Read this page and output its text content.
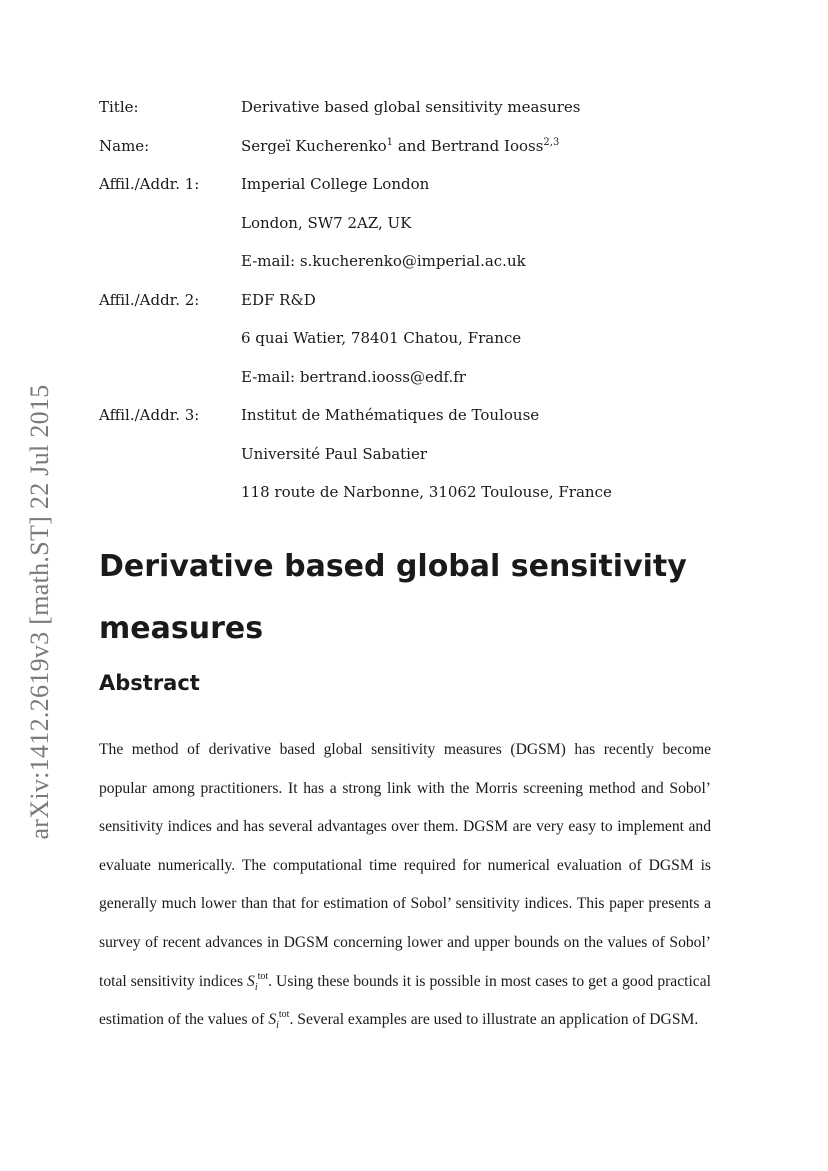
arXiv:1412.2619v3 [math.ST] 22 Jul 2015
Title:	Derivative based global sensitivity measures
Name:	Sergeï Kucherenko$^1$ and Bertrand Iooss$^{2,3}$
Affil./Addr. 1:	Imperial College London
London, SW7 2AZ, UK
E-mail: s.kucherenko@imperial.ac.uk
Affil./Addr. 2:	EDF R&D
6 quai Watier, 78401 Chatou, France
E-mail: bertrand.iooss@edf.fr
Affil./Addr. 3:	Institut de Mathématiques de Toulouse
Université Paul Sabatier
118 route de Narbonne, 31062 Toulouse, France
Derivative based global sensitivity measures
Abstract

The method of derivative based global sensitivity measures (DGSM) has recently become popular among practitioners. It has a strong link with the Morris screening method and Sobol’ sensitivity indices and has several advantages over them. DGSM are very easy to implement and evaluate numerically. The computational time required for numerical evaluation of DGSM is generally much lower than that for estimation of Sobol’ sensitivity indices. This paper presents a survey of recent advances in DGSM concerning lower and upper bounds on the values of Sobol’ total sensitivity indices $S_i^{tot}$. Using these bounds it is possible in most cases to get a good practical estimation of the values of $S_i^{tot}$. Several examples are used to illustrate an application of DGSM.
